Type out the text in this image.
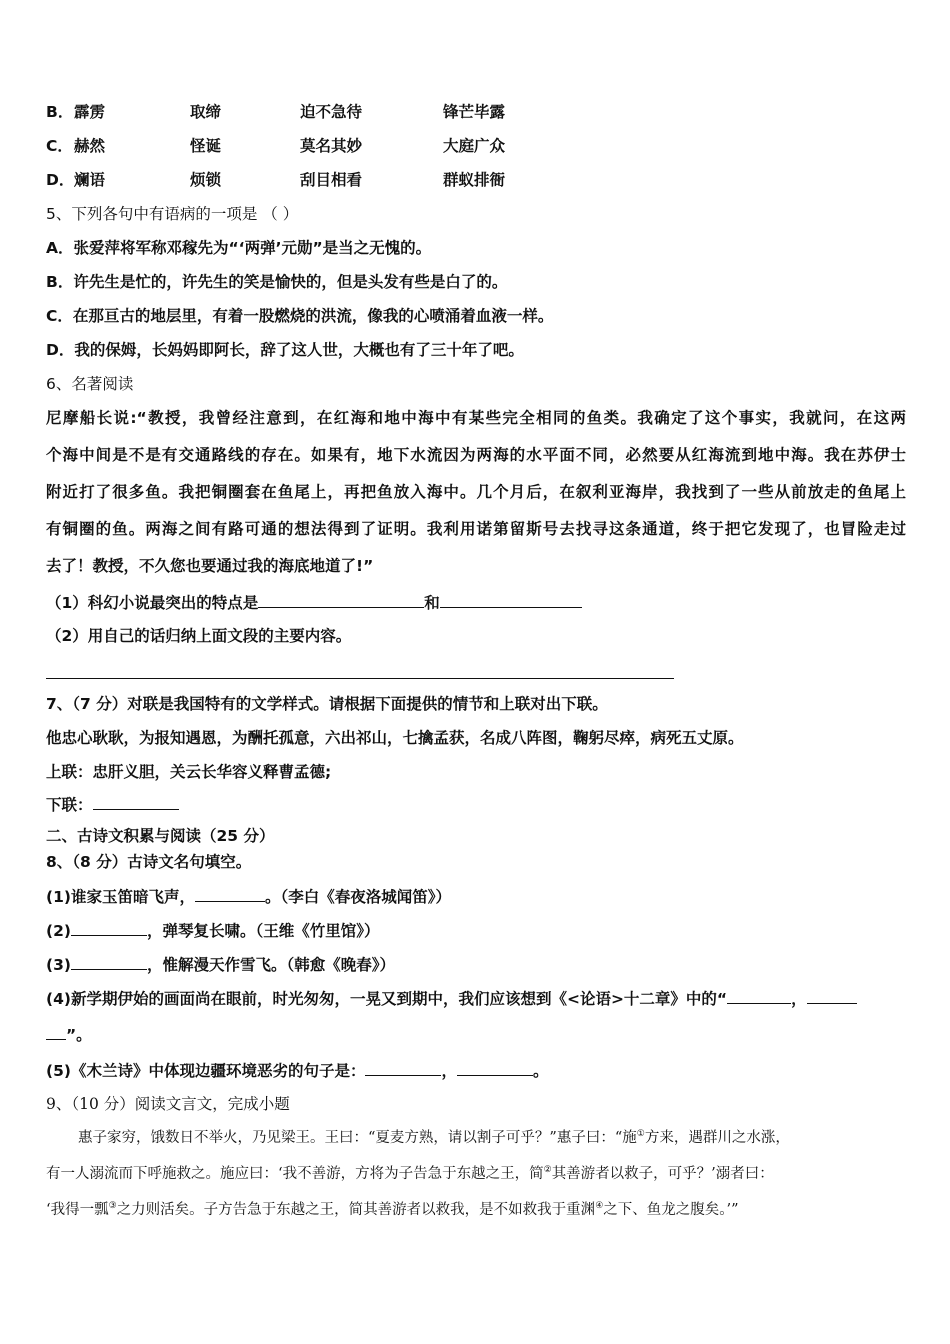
B． 霹雳	取缔	迫不急待	锋芒毕露
C． 赫然	怪诞	莫名其妙	大庭广众
D． 斓语	烦锁	刮目相看	群蚁排衙
5、下列各句中有语病的一项是 （ ）
A．张爱萍将军称邓稼先为“‘两弹’元勋”是当之无愧的。
B．许先生是忙的，许先生的笑是愉快的，但是头发有些是白了的。
C．在那亘古的地层里，有着一股燃烧的洪流，像我的心喷涌着血液一样。
D．我的保姆，长妈妈即阿长，辞了这人世，大概也有了三十年了吧。
6、名著阅读
尼摩船长说:“教授，我曾经注意到，在红海和地中海中有某些完全相同的鱼类。我确定了这个事实，我就问，在这两
个海中间是不是有交通路线的存在。如果有，地下水流因为两海的水平面不同，必然要从红海流到地中海。我在苏伊士
附近打了很多鱼。我把铜圈套在鱼尾上，再把鱼放入海中。几个月后，在叙利亚海岸，我找到了一些从前放走的鱼尾上
有铜圈的鱼。两海之间有路可通的想法得到了证明。我利用诺第留斯号去找寻这条通道，终于把它发现了，也冒险走过
去了！教授，不久您也要通过我的海底地道了!”
（1）科幻小说最突出的特点是	和
（2）用自己的话归纳上面文段的主要内容。
7、（7 分）对联是我国特有的文学样式。请根据下面提供的情节和上联对出下联。
他忠心耿耿，为报知遇恩，为酬托孤意，六出祁山，七擒孟获，名成八阵图，鞠躬尽瘁，病死五丈原。
上联：忠肝义胆，关云长华容义释曹孟德;
下联：
二、古诗文积累与阅读（25 分）
8、（8 分）古诗文名句填空。
(1)谁家玉笛暗飞声，	。（李白《春夜洛城闻笛》）
(2)	，弹琴复长啸。（王维《竹里馆》）
(3)	，惟解漫天作雪飞。（韩愈《晚春》）
(4)新学期伊始的画面尚在眼前，时光匆匆，一晃又到期中，我们应该想到《<论语>十二章》中的“	，
”。
(5)《木兰诗》中体现边疆环境恶劣的句子是：	，	。
9、（10 分）阅读文言文，完成小题
惠子家穷，饿数日不举火，乃见梁王。王曰：“夏麦方熟，请以割子可乎？”惠子曰：“施①方来，遇群川之水涨，
有一人溺流而下呼施救之。施应曰：‘我不善游，方将为子告急于东越之王，简②其善游者以救子，可乎？’溺者曰：
‘我得一瓢③之力则活矣。子方告急于东越之王，简其善游者以救我，是不如救我于重渊④之下、鱼龙之腹矣。’”
